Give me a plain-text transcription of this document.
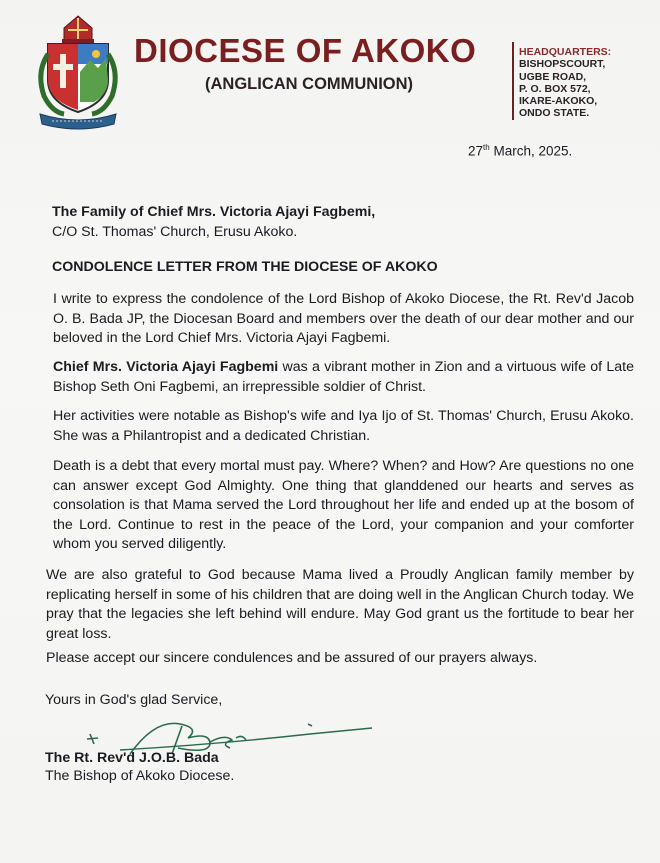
DIOCESE OF AKOKO
(ANGLICAN COMMUNION)
HEADQUARTERS:
BISHOPSCOURT,
UGBE ROAD,
P. O. BOX 572,
IKARE-AKOKO,
ONDO STATE.
27th March, 2025.
The Family of Chief Mrs. Victoria Ajayi Fagbemi,
C/O St. Thomas' Church, Erusu Akoko.
CONDOLENCE LETTER FROM THE DIOCESE OF AKOKO
I write to express the condolence of the Lord Bishop of Akoko Diocese, the Rt. Rev'd Jacob O. B. Bada JP, the Diocesan Board and members over the death of our dear mother and our beloved in the Lord Chief Mrs. Victoria Ajayi Fagbemi.
Chief Mrs. Victoria Ajayi Fagbemi was a vibrant mother in Zion and a virtuous wife of Late Bishop Seth Oni Fagbemi, an irrepressible soldier of Christ.
Her activities were notable as Bishop's wife and Iya Ijo of St. Thomas' Church, Erusu Akoko. She was a Philantropist and a dedicated Christian.
Death is a debt that every mortal must pay. Where? When? and How? Are questions no one can answer except God Almighty. One thing that glanddened our hearts and serves as consolation is that Mama served the Lord throughout her life and ended up at the bosom of the Lord. Continue to rest in the peace of the Lord, your companion and your comforter whom you served diligently.
We are also grateful to God because Mama lived a Proudly Anglican family member by replicating herself in some of his children that are doing well in the Anglican Church today. We pray that the legacies she left behind will endure. May God grant us the fortitude to bear her great loss.
Please accept our sincere condulences and be assured of our prayers always.
Yours in God's glad Service,
The Rt. Rev'd J.O.B. Bada
The Bishop of Akoko Diocese.
